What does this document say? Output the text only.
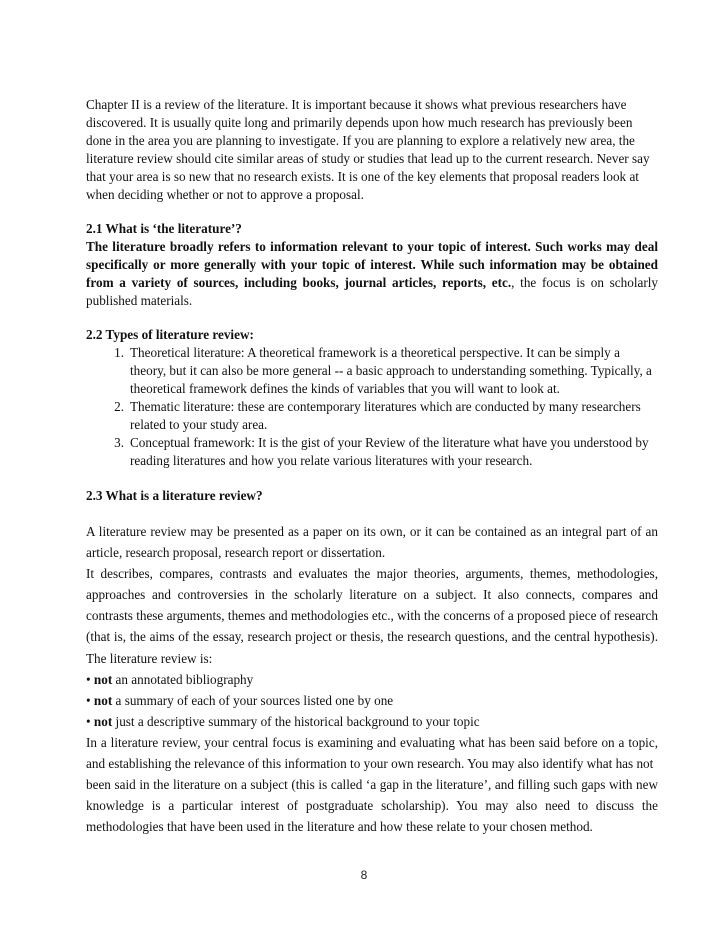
Chapter II is a review of the literature. It is important because it shows what previous researchers have discovered. It is usually quite long and primarily depends upon how much research has previously been done in the area you are planning to investigate. If you are planning to explore a relatively new area, the literature review should cite similar areas of study or studies that lead up to the current research. Never say that your area is so new that no research exists. It is one of the key elements that proposal readers look at when deciding whether or not to approve a proposal.

2.1 What is ‘the literature’?
The literature broadly refers to information relevant to your topic of interest. Such works may deal specifically or more generally with your topic of interest. While such information may be obtained from a variety of sources, including books, journal articles, reports, etc., the focus is on scholarly published materials.
2.2 Types of literature review:
1. Theoretical literature: A theoretical framework is a theoretical perspective. It can be simply a theory, but it can also be more general -- a basic approach to understanding something. Typically, a theoretical framework defines the kinds of variables that you will want to look at.
2. Thematic literature: these are contemporary literatures which are conducted by many researchers related to your study area.
3. Conceptual framework: It is the gist of your Review of the literature what have you understood by reading literatures and how you relate various literatures with your research.
2.3 What is a literature review?

A literature review may be presented as a paper on its own, or it can be contained as an integral part of an article, research proposal, research report or dissertation.

It describes, compares, contrasts and evaluates the major theories, arguments, themes, methodologies, approaches and controversies in the scholarly literature on a subject. It also connects, compares and contrasts these arguments, themes and methodologies etc., with the concerns of a proposed piece of research (that is, the aims of the essay, research project or thesis, the research questions, and the central hypothesis). The literature review is:

• not an annotated bibliography
• not a summary of each of your sources listed one by one
• not just a descriptive summary of the historical background to your topic

In a literature review, your central focus is examining and evaluating what has been said before on a topic, and establishing the relevance of this information to your own research. You may also identify what has not

been said in the literature on a subject (this is called ‘a gap in the literature’, and filling such gaps with new knowledge is a particular interest of postgraduate scholarship). You may also need to discuss the methodologies that have been used in the literature and how these relate to your chosen method.

8
